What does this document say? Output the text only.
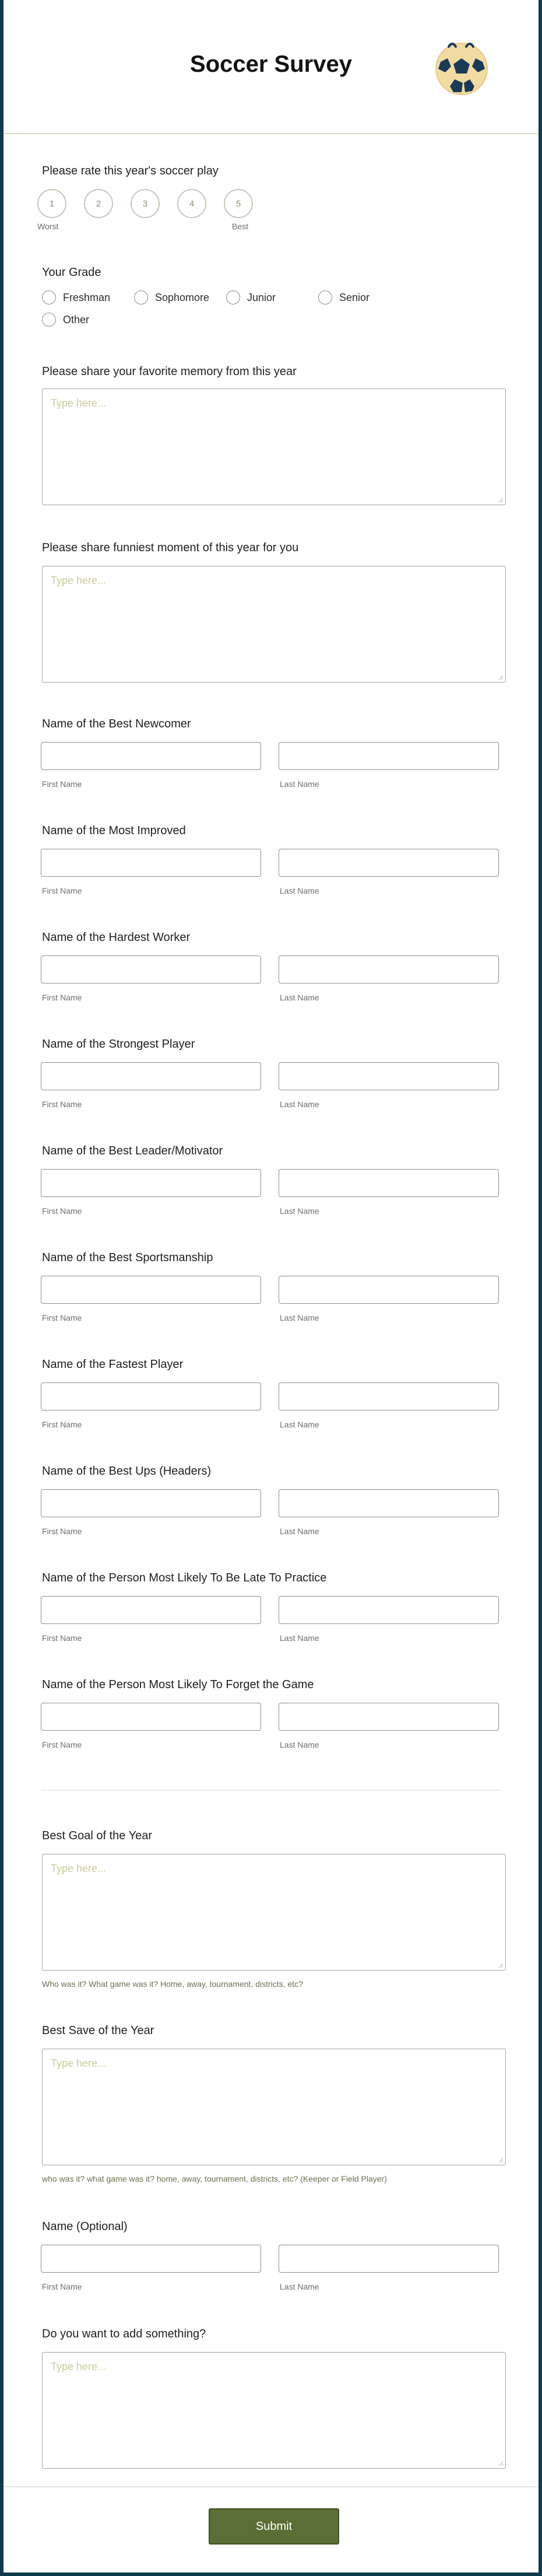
Soccer Survey
Please rate this year's soccer play
1	2	3	4	5
Worst	Best
Your Grade
Freshman	Sophomore	Junior	Senior
Other
Please share your favorite memory from this year
Type here...
Please share funniest moment of this year for you
Type here...
Name of the Best Newcomer
First Name	Last Name
Name of the Most Improved
First Name	Last Name
Name of the Hardest Worker
First Name	Last Name
Name of the Strongest Player
First Name	Last Name
Name of the Best Leader/Motivator
First Name	Last Name
Name of the Best Sportsmanship
First Name	Last Name
Name of the Fastest Player
First Name	Last Name
Name of the Best Ups (Headers)
First Name	Last Name
Name of the Person Most Likely To Be Late To Practice
First Name	Last Name
Name of the Person Most Likely To Forget the Game
First Name	Last Name
Best Goal of the Year
Type here...
Who was it? What game was it? Home, away, tournament, districts, etc?
Best Save of the Year
Type here...
who was it? what game was it? home, away, tournament, districts, etc? (Keeper or Field Player)
Name (Optional)
First Name	Last Name
Do you want to add something?
Type here...
Submit
